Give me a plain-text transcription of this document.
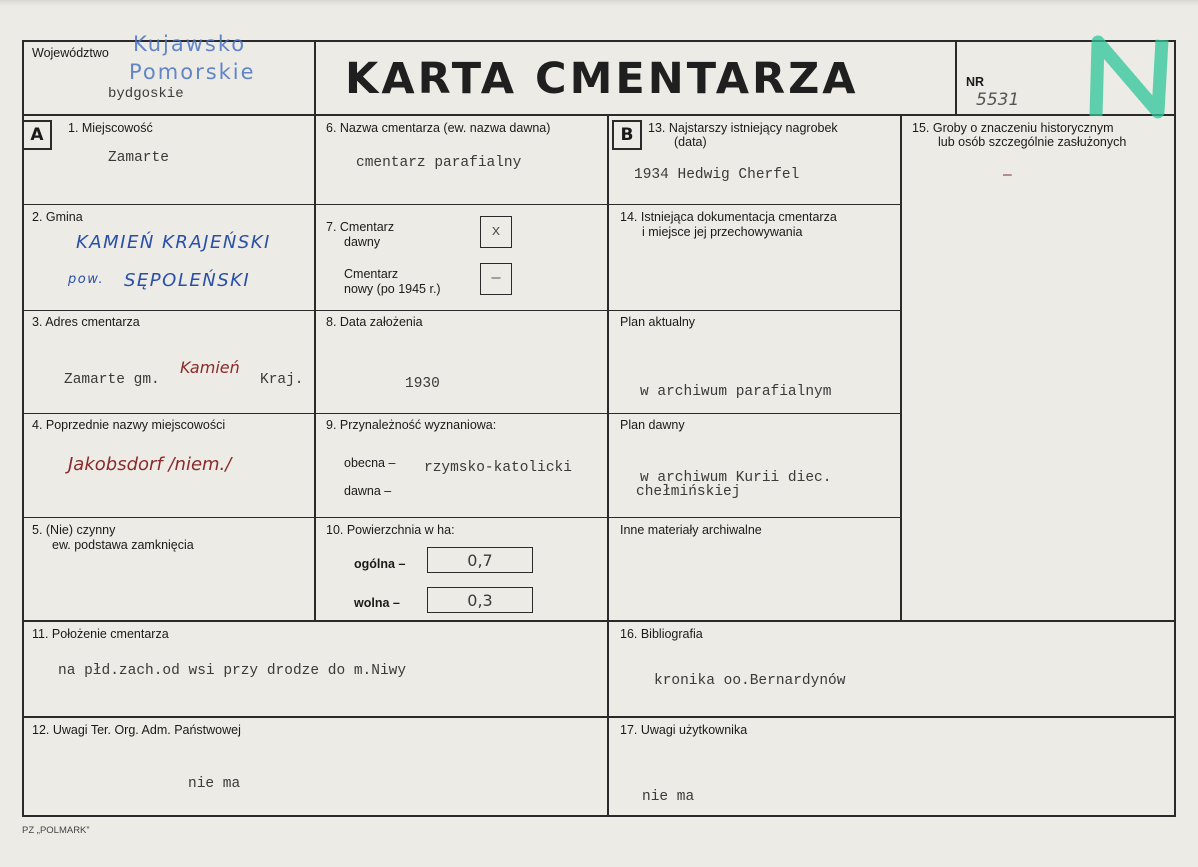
Województwo Kujawsko
Pomorskie
bydgoskie	KARTA CMENTARZA	NR
5531
A	1. Miejscowość
Zamarte
6. Nazwa cmentarza (ew. nazwa dawna)
cmentarz parafialny
B	13. Najstarszy istniejący nagrobek
(data)
1934 Hedwig Cherfel
15. Groby o znaczeniu historycznym
lub osób szczególnie zasłużonych
—
2. Gmina
KAMIEŃ KRAJEŃSKI
pow. SĘPOLEŃSKI
7. Cmentarz
dawny
x
Cmentarz
nowy (po 1945 r.)
—
14. Istniejąca dokumentacja cmentarza
i miejsce jej przechowywania
3. Adres cmentarza
Zamarte gm.
Kamień
Kraj.
8. Data założenia
1930
Plan aktualny
w archiwum parafialnym
4. Poprzednie nazwy miejscowości
Jakobsdorf /niem./
9. Przynależność wyznaniowa:
obecna – rzymsko-katolicki
dawna –
Plan dawny
w archiwum Kurii diec.
chełmińskiej
5. (Nie) czynny
ew. podstawa zamknięcia
10. Powierzchnia w ha:
ogólna –	0,7
wolna –	0,3
Inne materiały archiwalne
11. Położenie cmentarza
na płd.zach.od wsi przy drodze do m.Niwy
16. Bibliografia
kronika oo.Bernardynów
12. Uwagi Ter. Org. Adm. Państwowej
nie ma
17. Uwagi użytkownika
nie ma
PZ „POLMARK”
